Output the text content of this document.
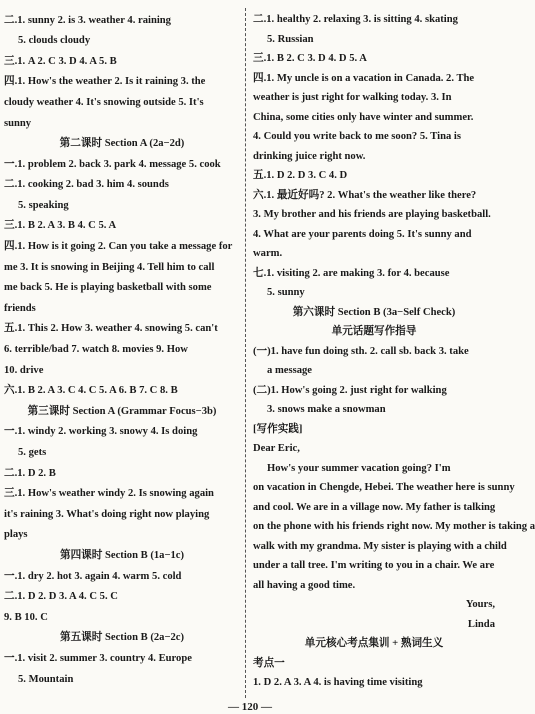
二.1. sunny 2. is 3. weather 4. raining
5. clouds cloudy
三.1. A 2. C 3. D 4. A 5. B
四.1. How's the weather 2. Is it raining 3. the
cloudy weather 4. It's snowing outside 5. It's
sunny
第二课时 Section A (2a−2d)
一.1. problem 2. back 3. park 4. message 5. cook
二.1. cooking 2. bad 3. him 4. sounds
5. speaking
三.1. B 2. A 3. B 4. C 5. A
四.1. How is it going 2. Can you take a message for
me 3. It is snowing in Beijing 4. Tell him to call
me back 5. He is playing basketball with some
friends
五.1. This 2. How 3. weather 4. snowing 5. can't
6. terrible/bad 7. watch 8. movies 9. How
10. drive
六.1. B 2. A 3. C 4. C 5. A 6. B 7. C 8. B
第三课时 Section A (Grammar Focus−3b)
一.1. windy 2. working 3. snowy 4. Is doing
5. gets
二.1. D 2. B
三.1. How's weather windy 2. Is snowing again
it's raining 3. What's doing right now playing
plays
第四课时 Section B (1a−1c)
一.1. dry 2. hot 3. again 4. warm 5. cold
二.1. D 2. D 3. A 4. C 5. C
9. B 10. C
第五课时 Section B (2a−2c)
一.1. visit 2. summer 3. country 4. Europe
5. Mountain
二.1. healthy 2. relaxing 3. is sitting 4. skating
5. Russian
三.1. B 2. C 3. D 4. D 5. A
四.1. My uncle is on a vacation in Canada. 2. The
weather is just right for walking today. 3. In
China, some cities only have winter and summer.
4. Could you write back to me soon? 5. Tina is
drinking juice right now.
五.1. D 2. D 3. C 4. D
六.1. 最近好吗? 2. What's the weather like there?
3. My brother and his friends are playing basketball.
4. What are your parents doing 5. It's sunny and
warm.
七.1. visiting 2. are making 3. for 4. because
5. sunny
第六课时 Section B (3a−Self Check)
单元话题写作指导
(一)1. have fun doing sth. 2. call sb. back 3. take
a message
(二)1. How's going 2. just right for walking
3. snows make a snowman
[写作实践]
Dear Eric,
How's your summer vacation going? I'm
on vacation in Chengde, Hebei. The weather here is sunny
and cool. We are in a village now. My father is talking
on the phone with his friends right now. My mother is taking a
walk with my grandma. My sister is playing with a child
under a tall tree. I'm writing to you in a chair. We are
all having a good time.
Yours,
Linda
单元核心考点集训 + 熟词生义
考点一
1. D 2. A 3. A 4. is having time visiting
— 120 —
